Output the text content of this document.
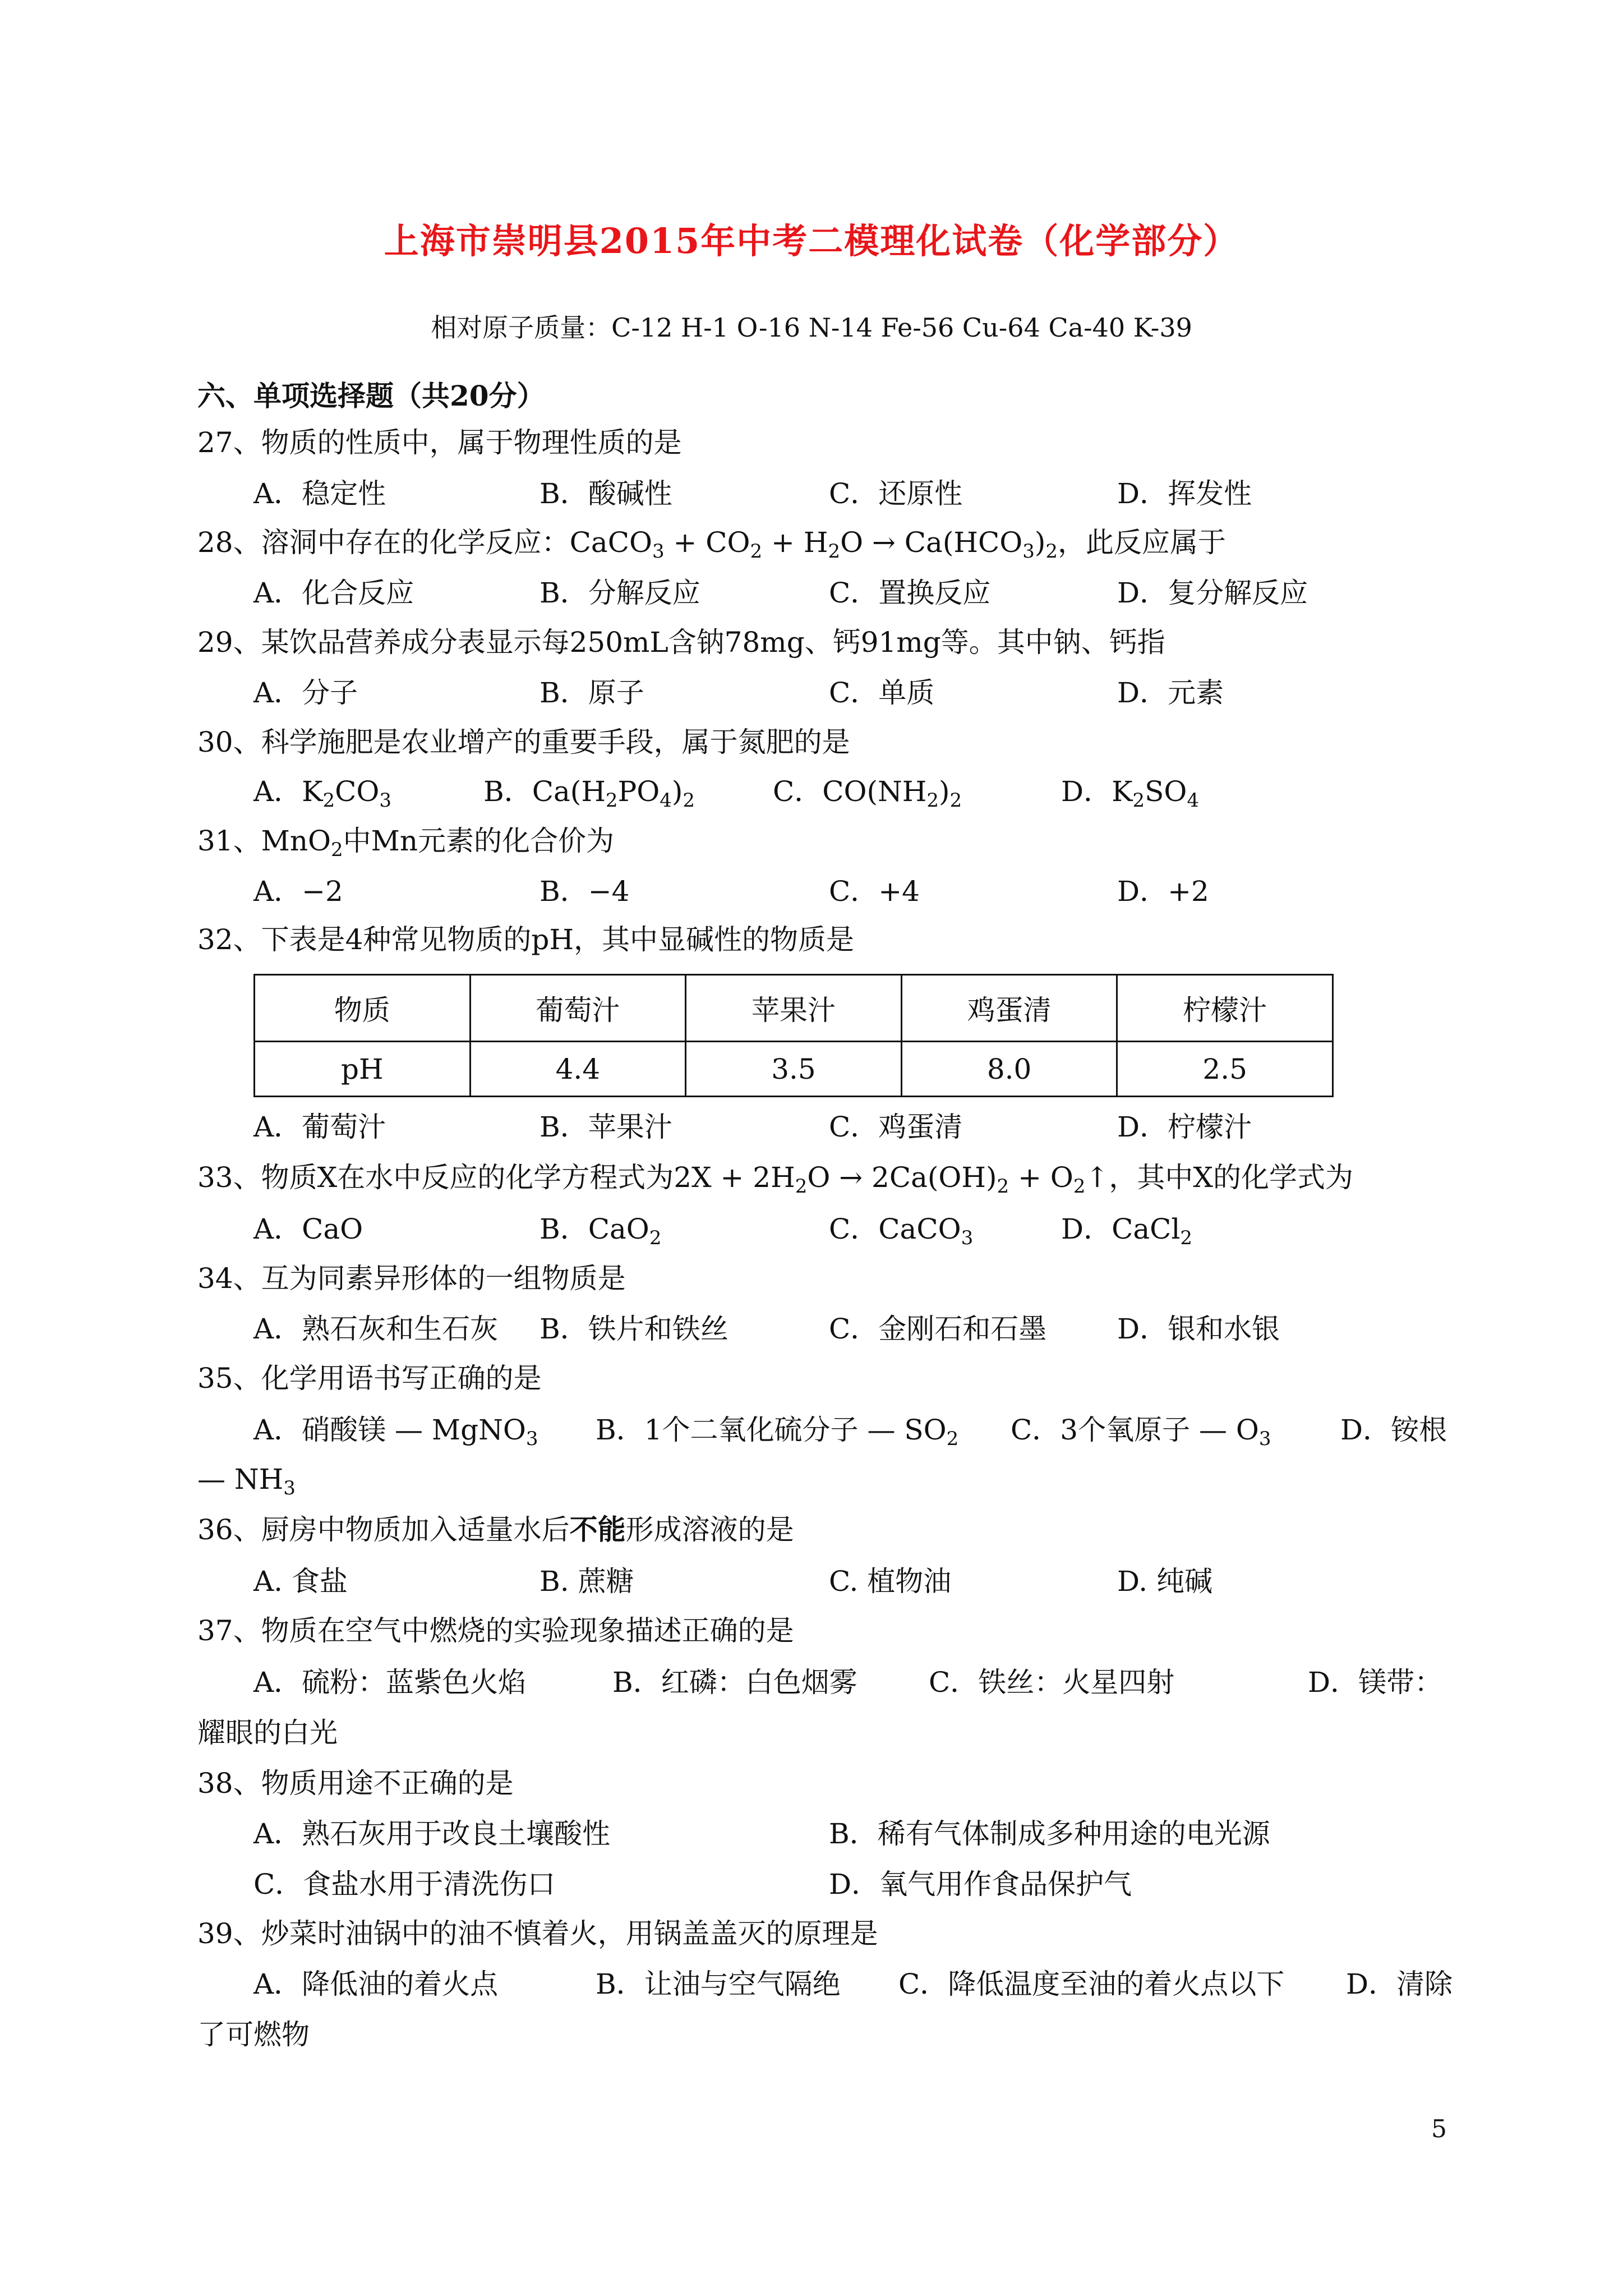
上海市崇明县2015年中考二模理化试卷（化学部分）
相对原子质量：C-12 H-1 O-16 N-14 Fe-56 Cu-64 Ca-40 K-39
六、单项选择题（共20分）
27、物质的性质中，属于物理性质的是
A．稳定性	B．酸碱性	C．还原性	D．挥发性
28、溶洞中存在的化学反应：CaCO$_3$ + $CO_2 + H_2O \to Ca(HCO_3)_2$，此反应属于
A．化合反应	B．分解反应	C．置换反应	D．复分解反应
29、某饮品营养成分表显示每250mL含钠78mg、钙91mg等。其中钠、钙指
A．分子	B．原子	C．单质	D．元素
30、科学施肥是农业增产的重要手段，属于氮肥的是
A．$K_2CO_3$	B．$Ca(H_2PO_4)_2$	C．$CO(NH_2)_2$	D．$K_2SO_4$
31、MnO$_2$中Mn元素的化合价为
A．−2	B．−4	C．+4	D．+2
32、下表是4种常见物质的pH，其中显碱性的物质是
物质	葡萄汁	苹果汁	鸡蛋清	柠檬汁
pH	4.4	3.5	8.0	2.5
A．葡萄汁	B．苹果汁	C．鸡蛋清	D．柠檬汁
33、物质X在水中反应的化学方程式为$2X + 2H_2O \to 2Ca(OH)_2$ + $O_2↑$，其中X的化学式为
A．CaO	B．CaO$_2$	C．CaCO$_3$	D．CaCl$_2$
34、互为同素异形体的一组物质是
A．熟石灰和生石灰 B．铁片和铁丝	C．金刚石和石墨	D．银和水银
35、化学用语书写正确的是
A．硝酸镁 — MgNO$_3$ B．1个二氧化硫分子 — $SO_2$ C．3个氧原子 — $O_3$ D．铵根
— $NH_3$
36、厨房中物质加入适量水后不能形成溶液的是
A. 食盐	B. 蔗糖	C. 植物油	D. 纯碱
37、物质在空气中燃烧的实验现象描述正确的是
A．硫粉：蓝紫色火焰	B．红磷：白色烟雾	C．铁丝：火星四射	D．镁带：
耀眼的白光
38、物质用途不正确的是
A．熟石灰用于改良土壤酸性	B．稀有气体制成多种用途的电光源
C．食盐水用于清洗伤口	D．氧气用作食品保护气
39、炒菜时油锅中的油不慎着火，用锅盖盖灭的原理是
A．降低油的着火点	B．让油与空气隔绝 C．降低温度至油的着火点以下 D．清除
了可燃物
5
